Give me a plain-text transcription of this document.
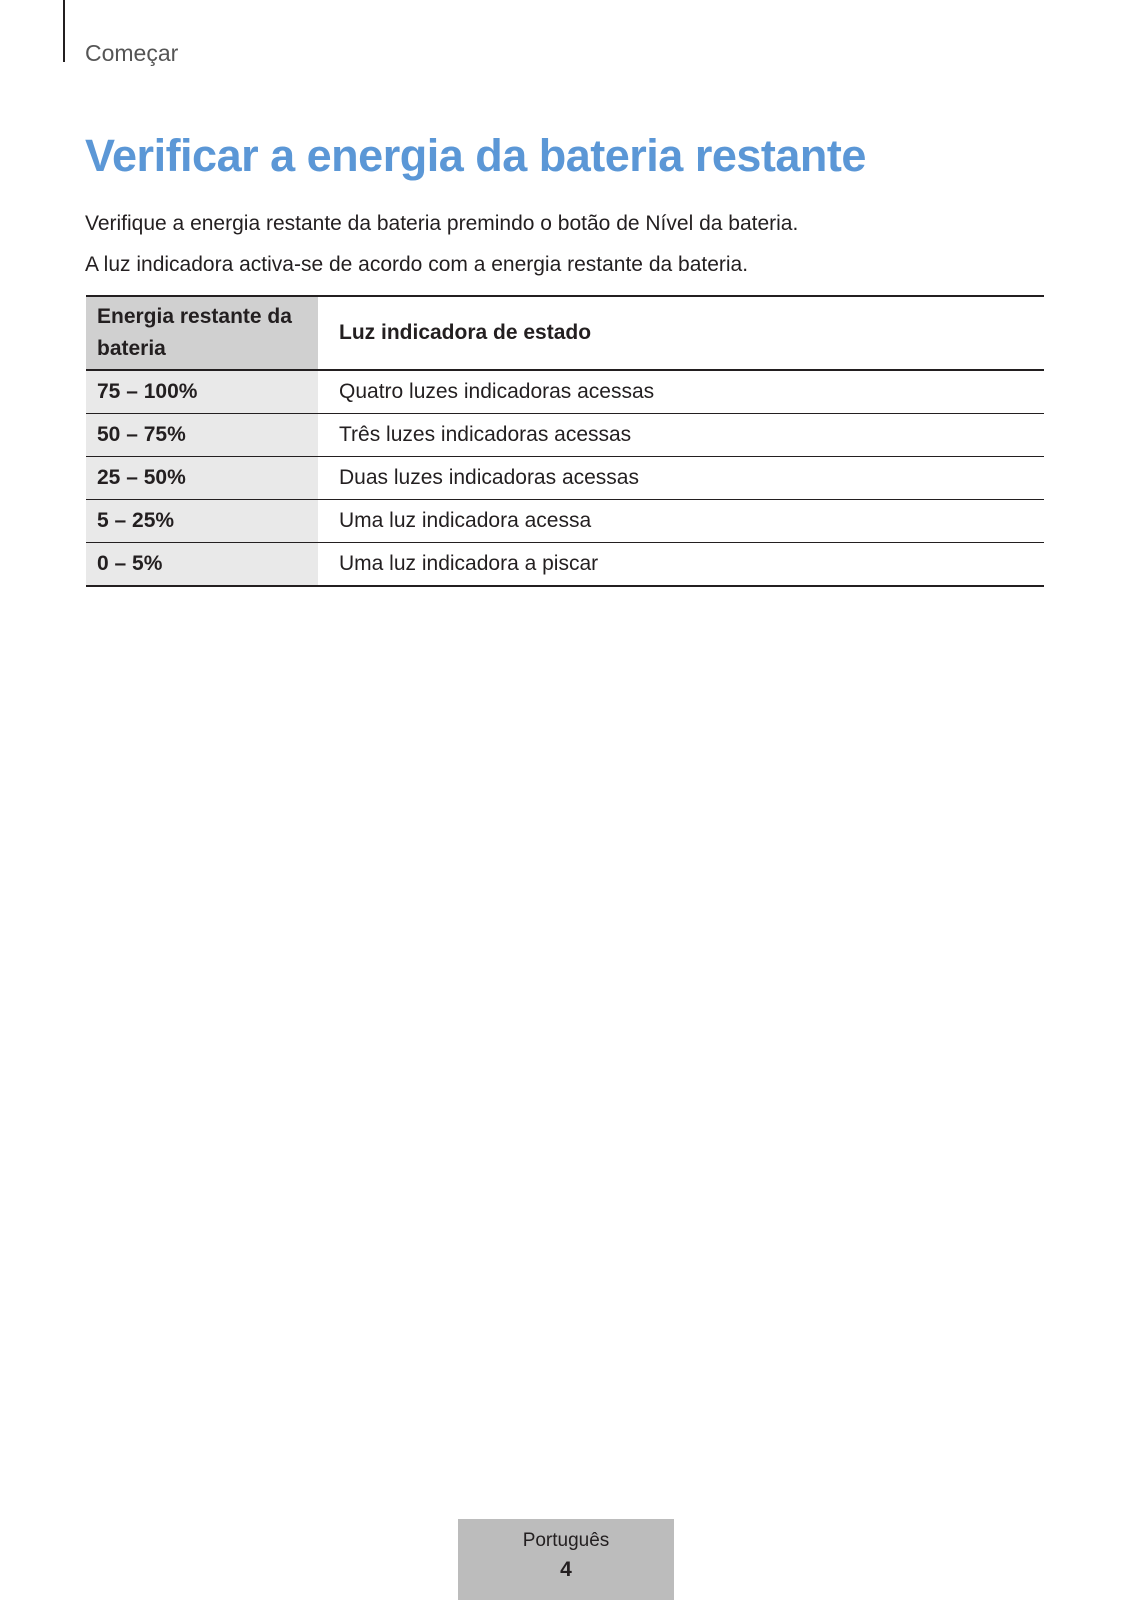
Começar
Verificar a energia da bateria restante

Verifique a energia restante da bateria premindo o botão de Nível da bateria.

A luz indicadora activa-se de acordo com a energia restante da bateria.

Energia restante da bateria	Luz indicadora de estado
75 – 100%	Quatro luzes indicadoras acessas
50 – 75%	Três luzes indicadoras acessas
25 – 50%	Duas luzes indicadoras acessas
5 – 25%	Uma luz indicadora acessa
0 – 5%	Uma luz indicadora a piscar
Português
4
